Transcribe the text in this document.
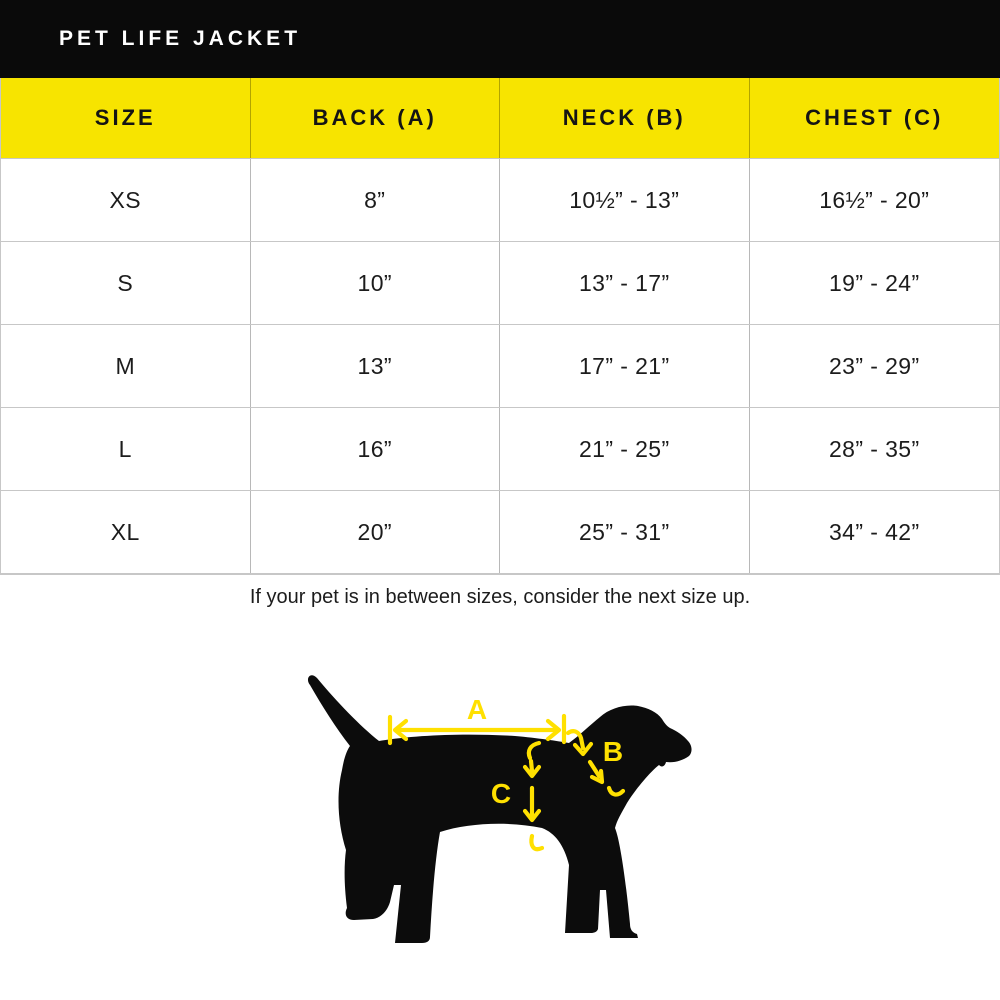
PET LIFE JACKET
SIZE	BACK (A)	NECK (B)	CHEST (C)
XS	8”	10½” - 13”	16½” - 20”
S	10”	13” - 17”	19” - 24”
M	13”	17” - 21”	23” - 29”
L	16”	21” - 25”	28” - 35”
XL	20”	25” - 31”	34” - 42”
If your pet is in between sizes, consider the next size up.
A
B
C
